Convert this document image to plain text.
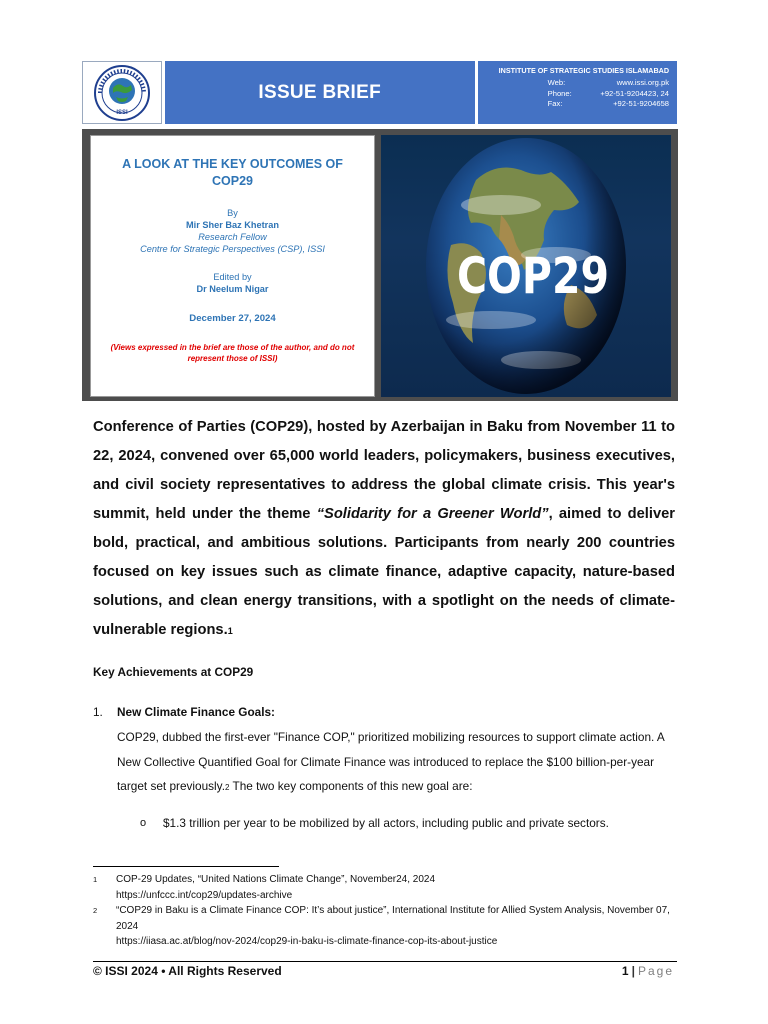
ISSI
ISSUE BRIEF
INSTITUTE OF STRATEGIC STUDIES ISLAMABAD
Web:	www.issi.org.pk
Phone:	+92-51-9204423, 24
Fax:	+92-51-9204658
A LOOK AT THE KEY OUTCOMES OF COP29
By
Mir Sher Baz Khetran
Research Fellow
Centre for Strategic Perspectives (CSP), ISSI
Edited by
Dr Neelum Nigar
December 27, 2024
(Views expressed in the brief are those of the author, and do not represent those of ISSI)
COP29
Conference of Parties (COP29), hosted by Azerbaijan in Baku from November 11 to 22, 2024, convened over 65,000 world leaders, policymakers, business executives, and civil society representatives to address the global climate crisis. This year's summit, held under the theme “Solidarity for a Greener World”, aimed to deliver bold, practical, and ambitious solutions. Participants from nearly 200 countries focused on key issues such as climate finance, adaptive capacity, nature-based solutions, and clean energy transitions, with a spotlight on the needs of climate-vulnerable regions.1
Key Achievements at COP29
1. New Climate Finance Goals:
COP29, dubbed the first-ever "Finance COP," prioritized mobilizing resources to support climate action. A New Collective Quantified Goal for Climate Finance was introduced to replace the $100 billion-per-year target set previously.2 The two key components of this new goal are:
o $1.3 trillion per year to be mobilized by all actors, including public and private sectors.
1	COP-29 Updates, “United Nations Climate Change”, November24, 2024
https://unfccc.int/cop29/updates-archive
2	“COP29 in Baku is a Climate Finance COP: It’s about justice”, International Institute for Allied System Analysis, November 07, 2024
https://iiasa.ac.at/blog/nov-2024/cop29-in-baku-is-climate-finance-cop-its-about-justice
© ISSI 2024 • All Rights Reserved	1 | Page
